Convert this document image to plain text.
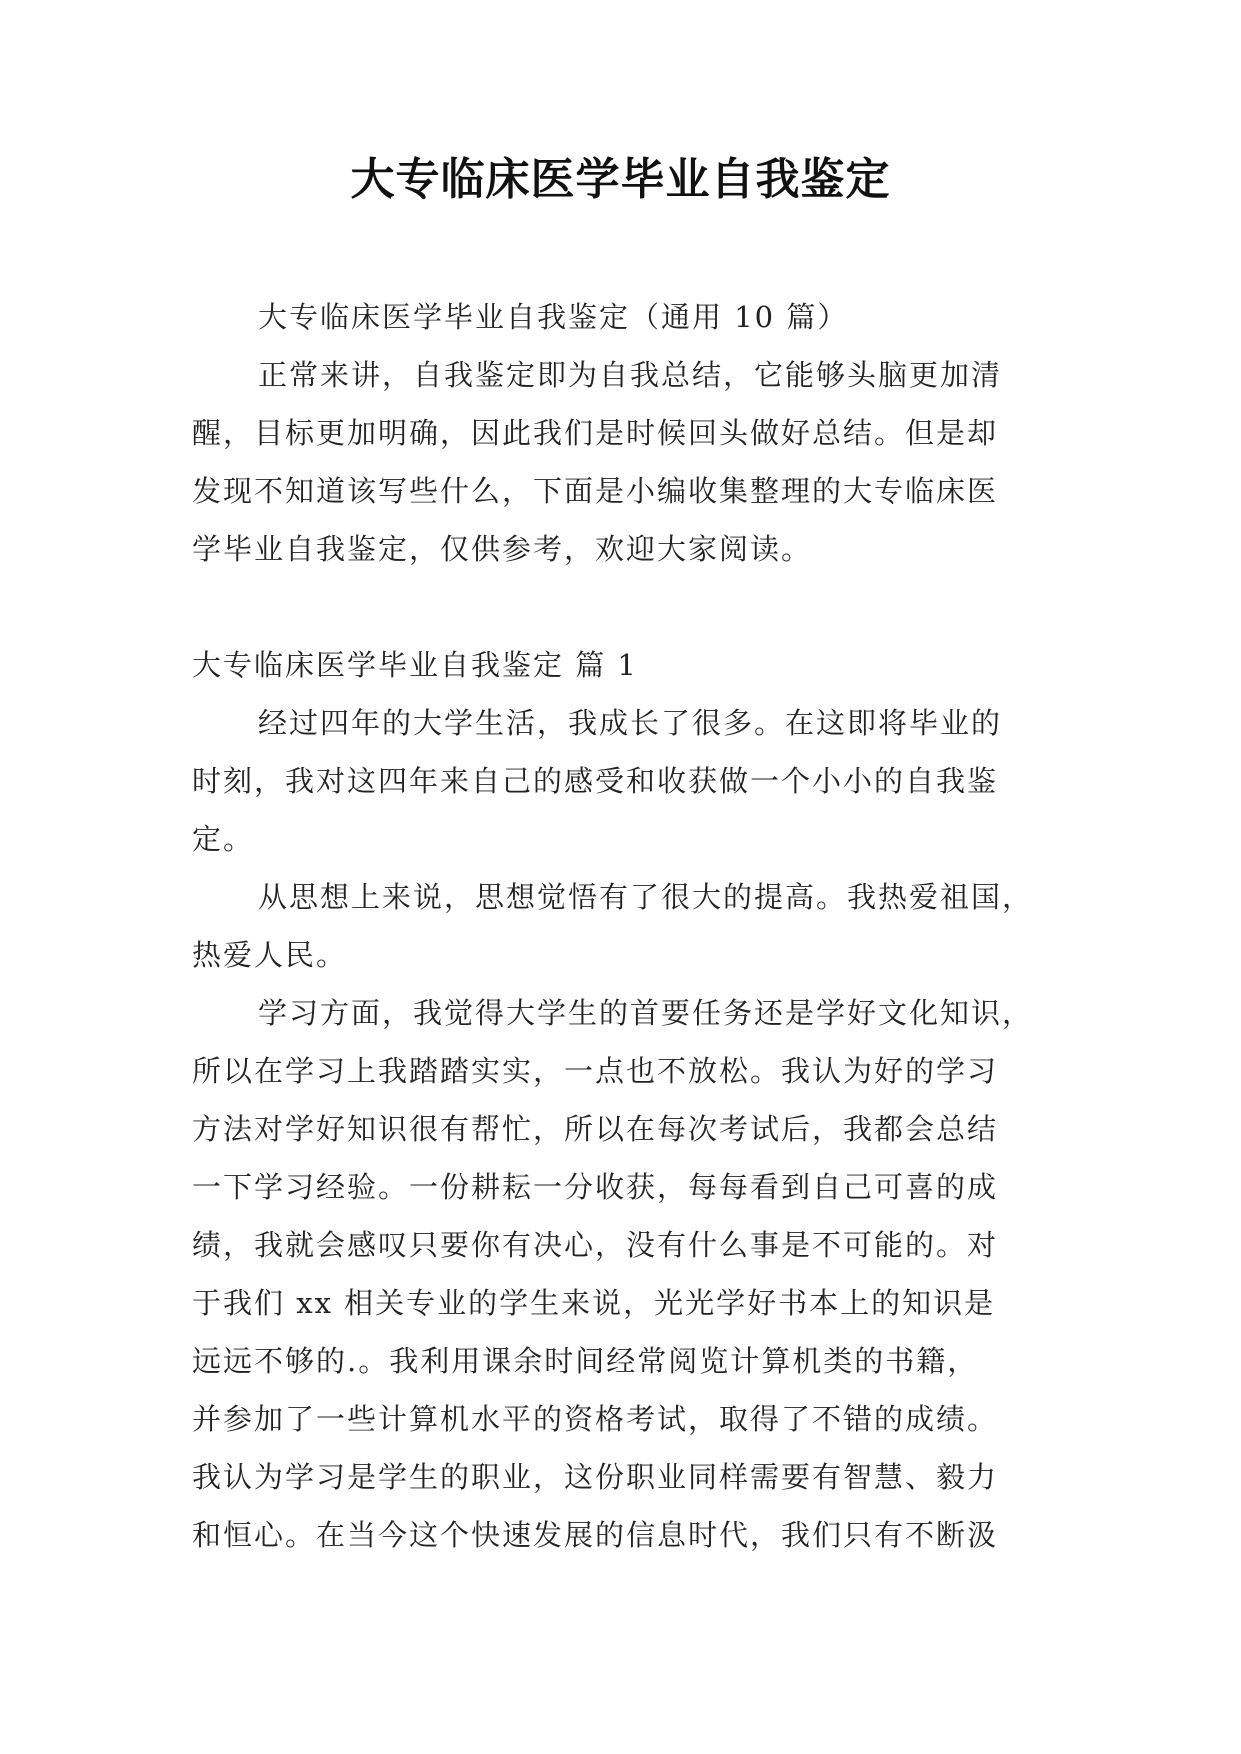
大专临床医学毕业自我鉴定

大专临床医学毕业自我鉴定（通用 10 篇）

正常来讲，自我鉴定即为自我总结，它能够头脑更加清

醒，目标更加明确，因此我们是时候回头做好总结。但是却

发现不知道该写些什么，下面是小编收集整理的大专临床医

学毕业自我鉴定，仅供参考，欢迎大家阅读。

大专临床医学毕业自我鉴定 篇 1

经过四年的大学生活，我成长了很多。在这即将毕业的

时刻，我对这四年来自己的感受和收获做一个小小的自我鉴

定。

从思想上来说，思想觉悟有了很大的提高。我热爱祖国，

热爱人民。

学习方面，我觉得大学生的首要任务还是学好文化知识，

所以在学习上我踏踏实实，一点也不放松。我认为好的学习

方法对学好知识很有帮忙，所以在每次考试后，我都会总结

一下学习经验。一份耕耘一分收获，每每看到自己可喜的成

绩，我就会感叹只要你有决心，没有什么事是不可能的。对

于我们 xx 相关专业的学生来说，光光学好书本上的知识是

远远不够的.。我利用课余时间经常阅览计算机类的书籍，

并参加了一些计算机水平的资格考试，取得了不错的成绩。

我认为学习是学生的职业，这份职业同样需要有智慧、毅力

和恒心。在当今这个快速发展的信息时代，我们只有不断汲
